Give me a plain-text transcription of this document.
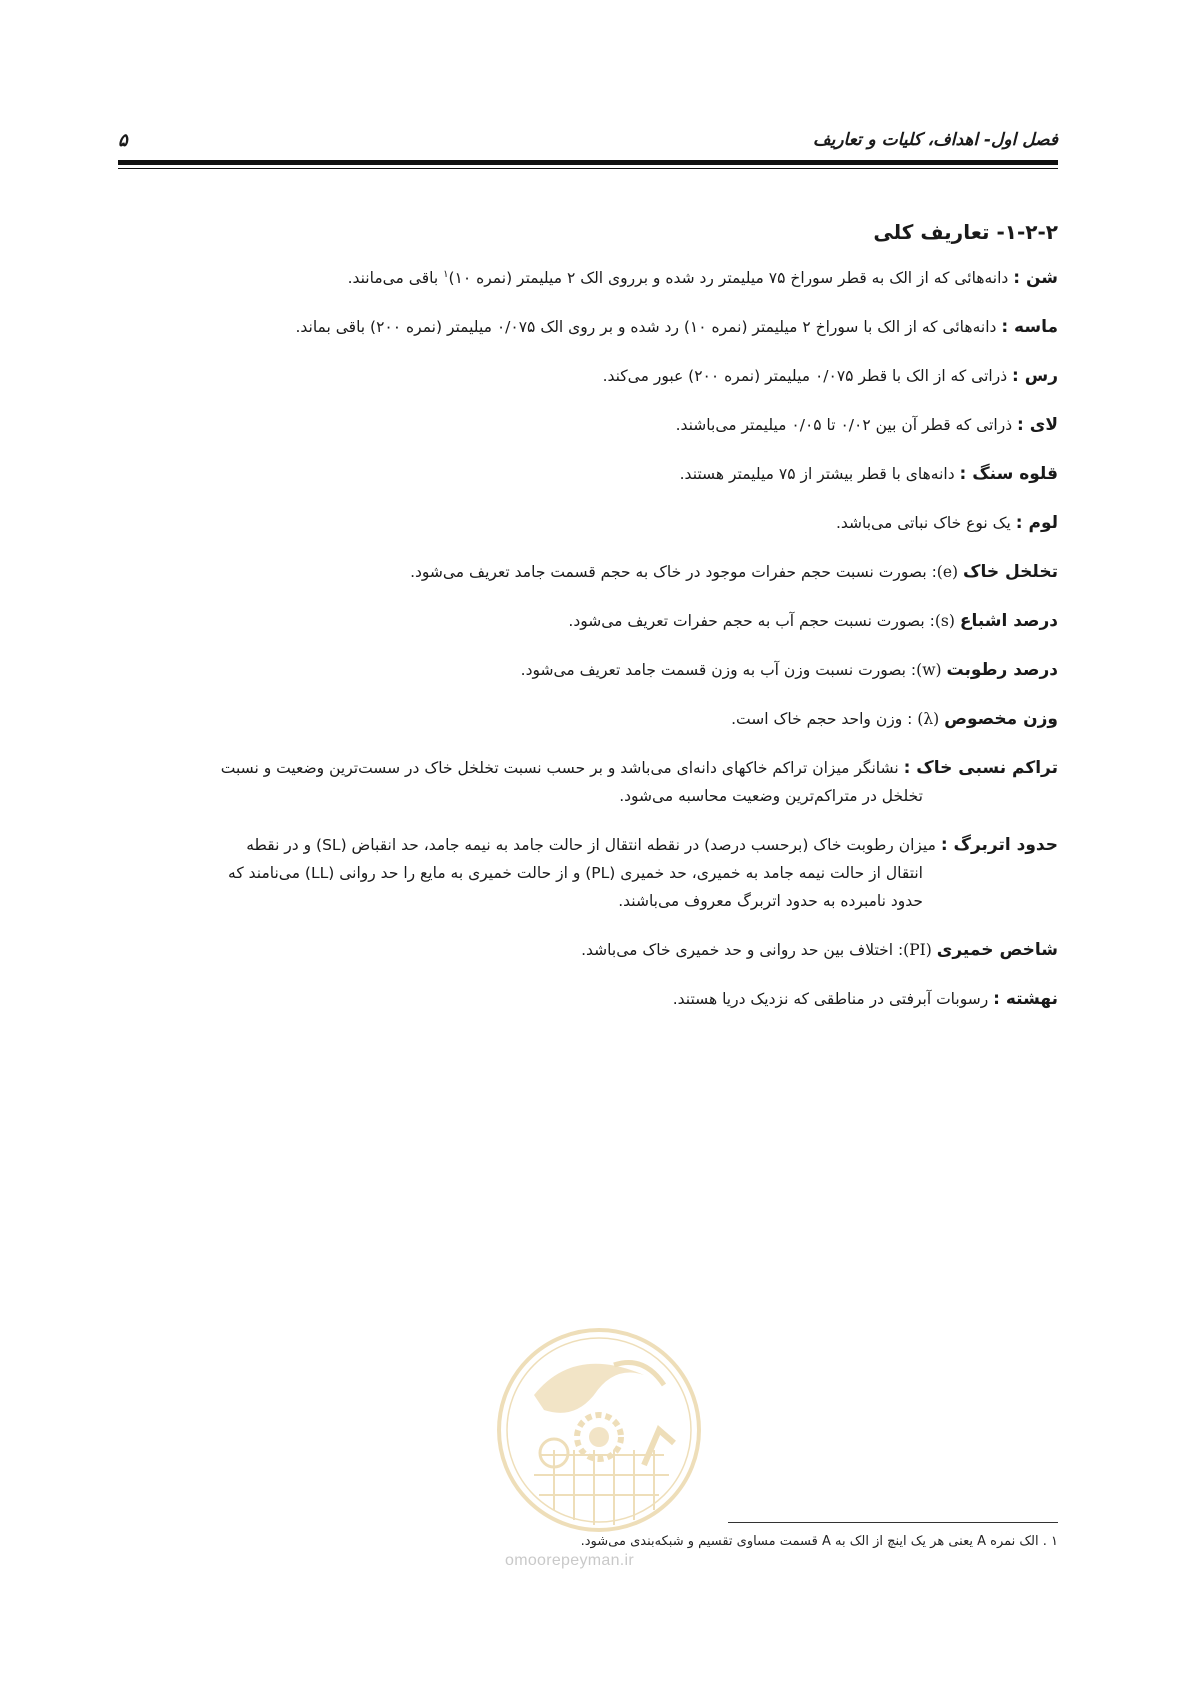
فصل اول- اهداف، کلیات و تعاریف
۵
۱-۲-۲- تعاریف کلی
شن : دانه‌هائی که از الک به قطر سوراخ ۷۵ میلیمتر رد شده و برروی الک ۲ میلیمتر (نمره ۱۰)$^۱$ باقی می‌مانند.
ماسه : دانه‌هائی که از الک با سوراخ ۲ میلیمتر (نمره ۱۰) رد شده و بر روی الک ۰/۰۷۵ میلیمتر (نمره ۲۰۰) باقی بماند.
رس : ذراتی که از الک با قطر ۰/۰۷۵ میلیمتر (نمره ۲۰۰) عبور می‌کند.
لای : ذراتی که قطر آن بین ۰/۰۲ تا ۰/۰۵ میلیمتر می‌باشند.
قلوه سنگ : دانه‌های با قطر بیشتر از ۷۵ میلیمتر هستند.
لوم : یک نوع خاک نباتی می‌باشد.
تخلخل خاک (e): بصورت نسبت حجم حفرات موجود در خاک به حجم قسمت جامد تعریف می‌شود.
درصد اشباع (s): بصورت نسبت حجم آب به حجم حفرات تعریف می‌شود.
درصد رطوبت (w): بصورت نسبت وزن آب به وزن قسمت جامد تعریف می‌شود.
وزن مخصوص (λ) : وزن واحد حجم خاک است.
تراکم نسبی خاک : نشانگر میزان تراکم خاکهای دانه‌ای می‌باشد و بر حسب نسبت تخلخل خاک در سست‌ترین وضعیت و نسبت
تخلخل در متراکم‌ترین وضعیت محاسبه می‌شود.
حدود اتربرگ : میزان رطوبت خاک (برحسب درصد) در نقطه انتقال از حالت جامد به نیمه جامد، حد انقباض (SL) و در نقطه
انتقال از حالت نیمه جامد به خمیری، حد خمیری (PL) و از حالت خمیری به مایع را حد روانی (LL) می‌نامند که
حدود نامبرده به حدود اتربرگ معروف می‌باشند.
شاخص خمیری (PI): اختلاف بین حد روانی و حد خمیری خاک می‌باشد.
نهشته : رسوبات آبرفتی در مناطقی که نزدیک دریا هستند.
۱ . الک نمره A یعنی هر یک اینچ از الک به A قسمت مساوی تقسیم و شبکه‌بندی می‌شود.
omoorepeyman.ir
